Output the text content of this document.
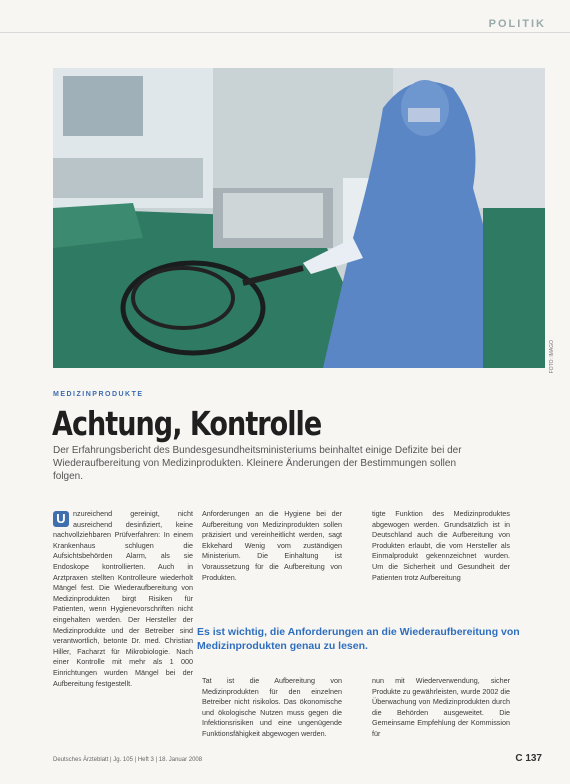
POLITIK
FOTO: IMAGO
MEDIZINPRODUKTE
Achtung, Kontrolle
Der Erfahrungsbericht des Bundesgesundheitsministeriums beinhaltet einige Defizite bei der Wiederaufbereitung von Medizinprodukten. Kleinere Änderungen der Bestimmungen sollen folgen.
U	nzureichend gereinigt, nicht ausreichend desinfiziert, keine nachvollziehbaren Prüfverfahren: In einem Krankenhaus schlugen die Aufsichtsbehörden Alarm, als sie Endoskope kontrollierten. Auch in Arztpraxen stellten Kontrolleure wiederholt Mängel fest. Die Wiederaufbereitung von Medizinprodukten birgt Risiken für Patienten, wenn Hygienevorschriften nicht eingehalten werden. Der Hersteller der Medizinprodukte und der Betreiber sind verantwortlich, betonte Dr. med. Christian Hiller, Facharzt für Mikrobiologie. Nach einer Kontrolle mit mehr als 1 000 Einrichtungen wurden Mängel bei der Aufbereitung festgestellt.
Anforderungen an die Hygiene bei der Aufbereitung von Medizinprodukten sollen präzisiert und vereinheitlicht werden, sagt Ekkehard Wenig vom zuständigen Ministerium. Die Einhaltung ist Voraussetzung für die Aufbereitung von Produkten.
tigte Funktion des Medizinproduktes abgewogen werden. Grundsätzlich ist in Deutschland auch die Aufbereitung von Produkten erlaubt, die vom Hersteller als Einmalprodukt gekennzeichnet wurden. Um die Sicherheit und Gesundheit der Patienten trotz Aufbereitung
Es ist wichtig, die Anforderungen an die Wiederaufbereitung von Medizinprodukten genau zu lesen.
Tat ist die Aufbereitung von Medizinprodukten für den einzelnen Betreiber nicht risikolos. Das ökonomische und ökologische Nutzen muss gegen die Infektionsrisiken und eine ungenügende Funktionsfähigkeit abgewogen werden.
nun mit Wiederverwendung, sicher Produkte zu gewährleisten, wurde 2002 die Überwachung von Medizinprodukten durch die Behörden ausgeweitet. Die Gemeinsame Empfehlung der Kommission für
Deutsches Ärzteblatt | Jg. 105 | Heft 3 | 18. Januar 2008	C 137
